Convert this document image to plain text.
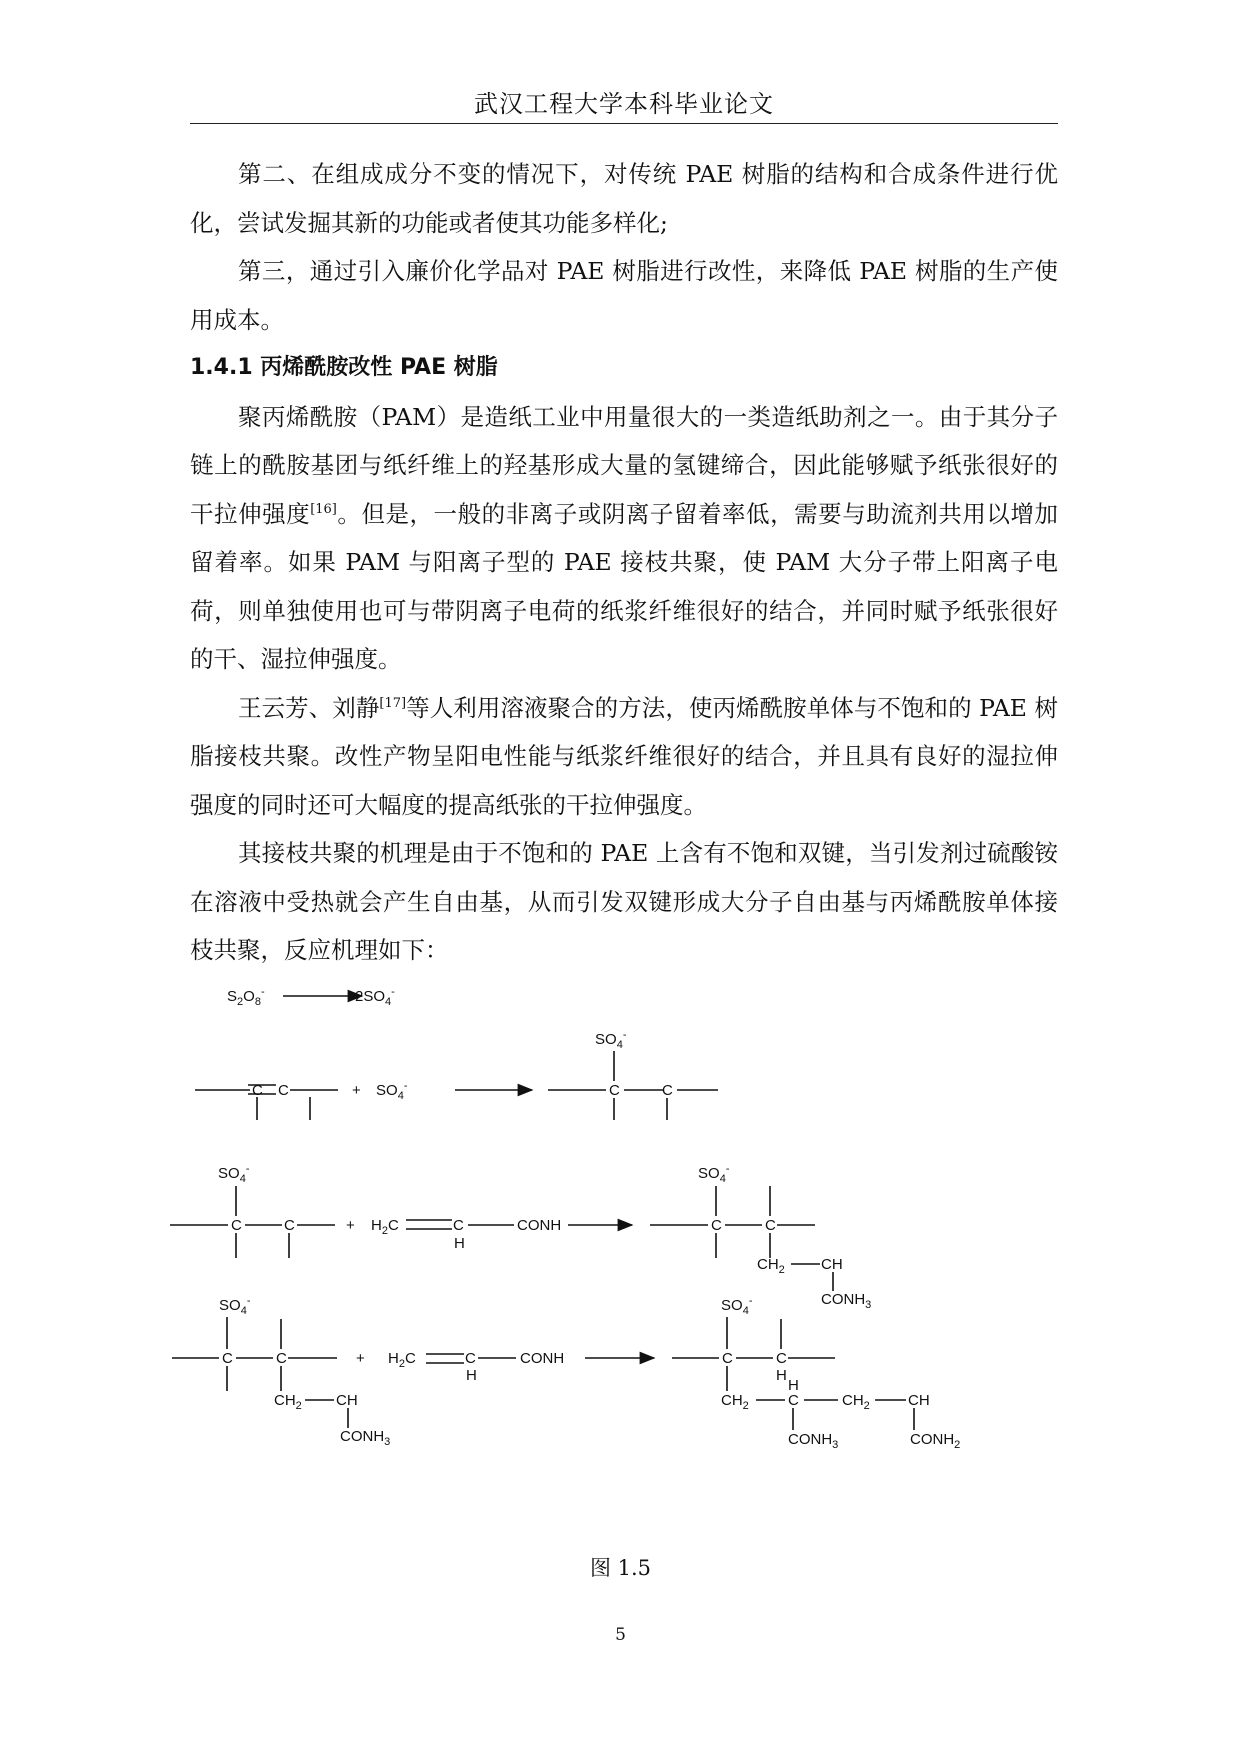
武汉工程大学本科毕业论文

第二、在组成成分不变的情况下，对传统 PAE 树脂的结构和合成条件进行优化，尝试发掘其新的功能或者使其功能多样化;

第三，通过引入廉价化学品对 PAE 树脂进行改性，来降低 PAE 树脂的生产使用成本。

1.4.1 丙烯酰胺改性 PAE 树脂

聚丙烯酰胺（PAM）是造纸工业中用量很大的一类造纸助剂之一。由于其分子链上的酰胺基团与纸纤维上的羟基形成大量的氢键缔合，因此能够赋予纸张很好的干拉伸强度[16]。但是，一般的非离子或阴离子留着率低，需要与助流剂共用以增加留着率。如果 PAM 与阳离子型的 PAE 接枝共聚，使 PAM 大分子带上阳离子电荷，则单独使用也可与带阴离子电荷的纸浆纤维很好的结合，并同时赋予纸张很好的干、湿拉伸强度。

王云芳、刘静[17]等人利用溶液聚合的方法，使丙烯酰胺单体与不饱和的 PAE 树脂接枝共聚。改性产物呈阳电性能与纸浆纤维很好的结合，并且具有良好的湿拉伸强度的同时还可大幅度的提高纸张的干拉伸强度。

其接枝共聚的机理是由于不饱和的 PAE 上含有不饱和双键，当引发剂过硫酸铵在溶液中受热就会产生自由基，从而引发双键形成大分子自由基与丙烯酰胺单体接枝共聚，反应机理如下：

$S_2O_8^-$	$2SO_4^-$
C C	+ $SO_4^-$
$SO_4^-$
C	C
$SO_4^-$
C	C	+ $H_2C$	C
H
CONH
$SO_4^-$
C	C
$CH_2$ CH
$CONH_3$
$SO_4^-$
C	C
$CH_2$ CH
$CONH_3$
+ $H_2C$	C
H
CONH
$SO_4^-$
C	C
H
$CH_2$
H
C	$CH_2$	CH
$CONH_3$	$CONH_2$
图 1.5
5
